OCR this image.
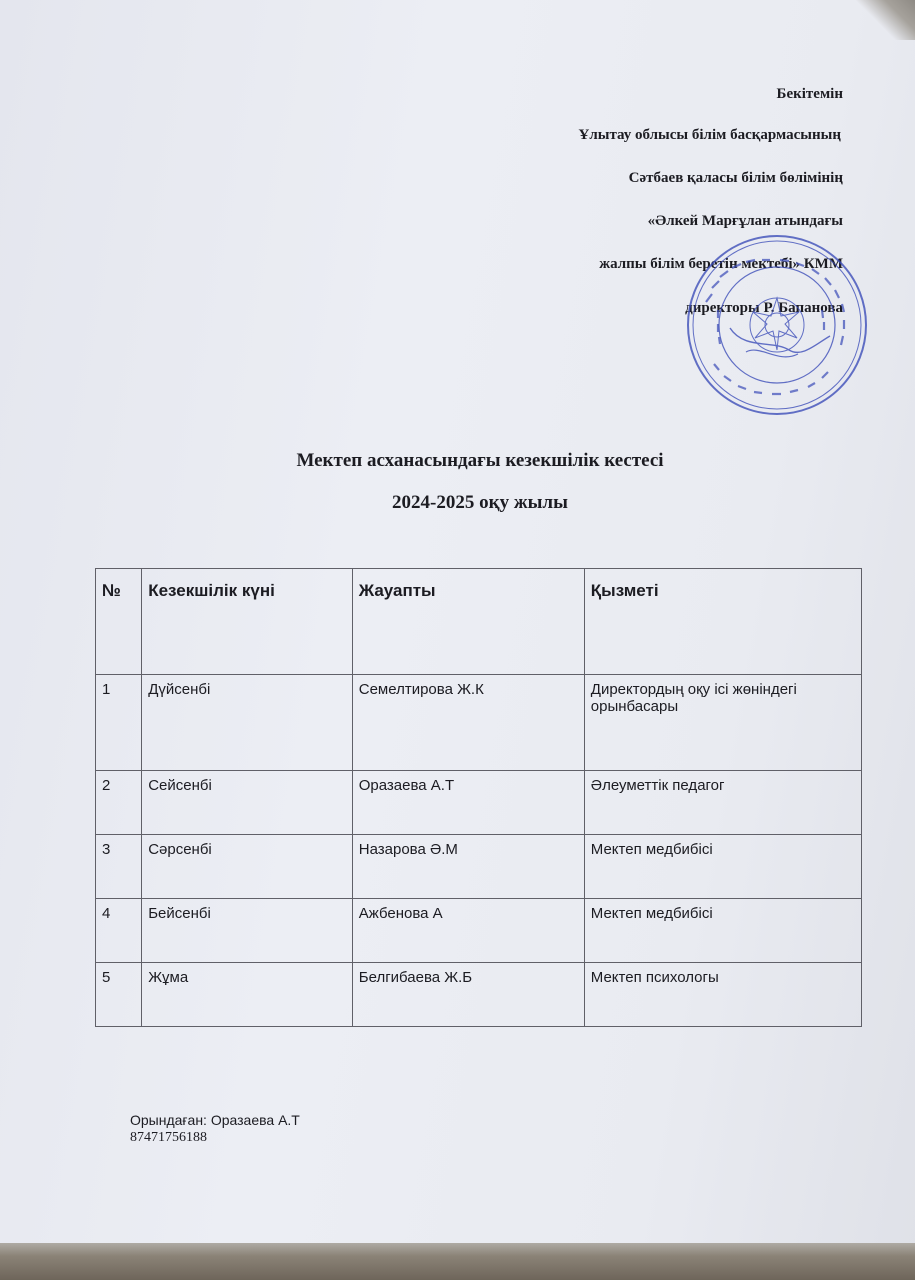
Бекітемін
Ұлытау облысы білім басқармасының
Сәтбаев қаласы білім бөлімінің
«Әлкей Марғұлан атындағы
жалпы білім беретін мектебі» КММ
директоры Р. Бапанова
Мектеп асханасындағы кезекшілік кестесі
2024-2025 оқу жылы
№	Кезекшілік күні	Жауапты	Қызметі
1	Дүйсенбі	Семелтирова Ж.К	Директордың оқу ісі жөніндегі орынбасары
2	Сейсенбі	Оразаева А.Т	Әлеуметтік педагог
3	Сәрсенбі	Назарова Ә.М	Мектеп медбибісі
4	Бейсенбі	Ажбенова А	Мектеп медбибісі
5	Жұма	Белгибаева Ж.Б	Мектеп психологы
Орындаған: Оразаева А.Т
87471756188
